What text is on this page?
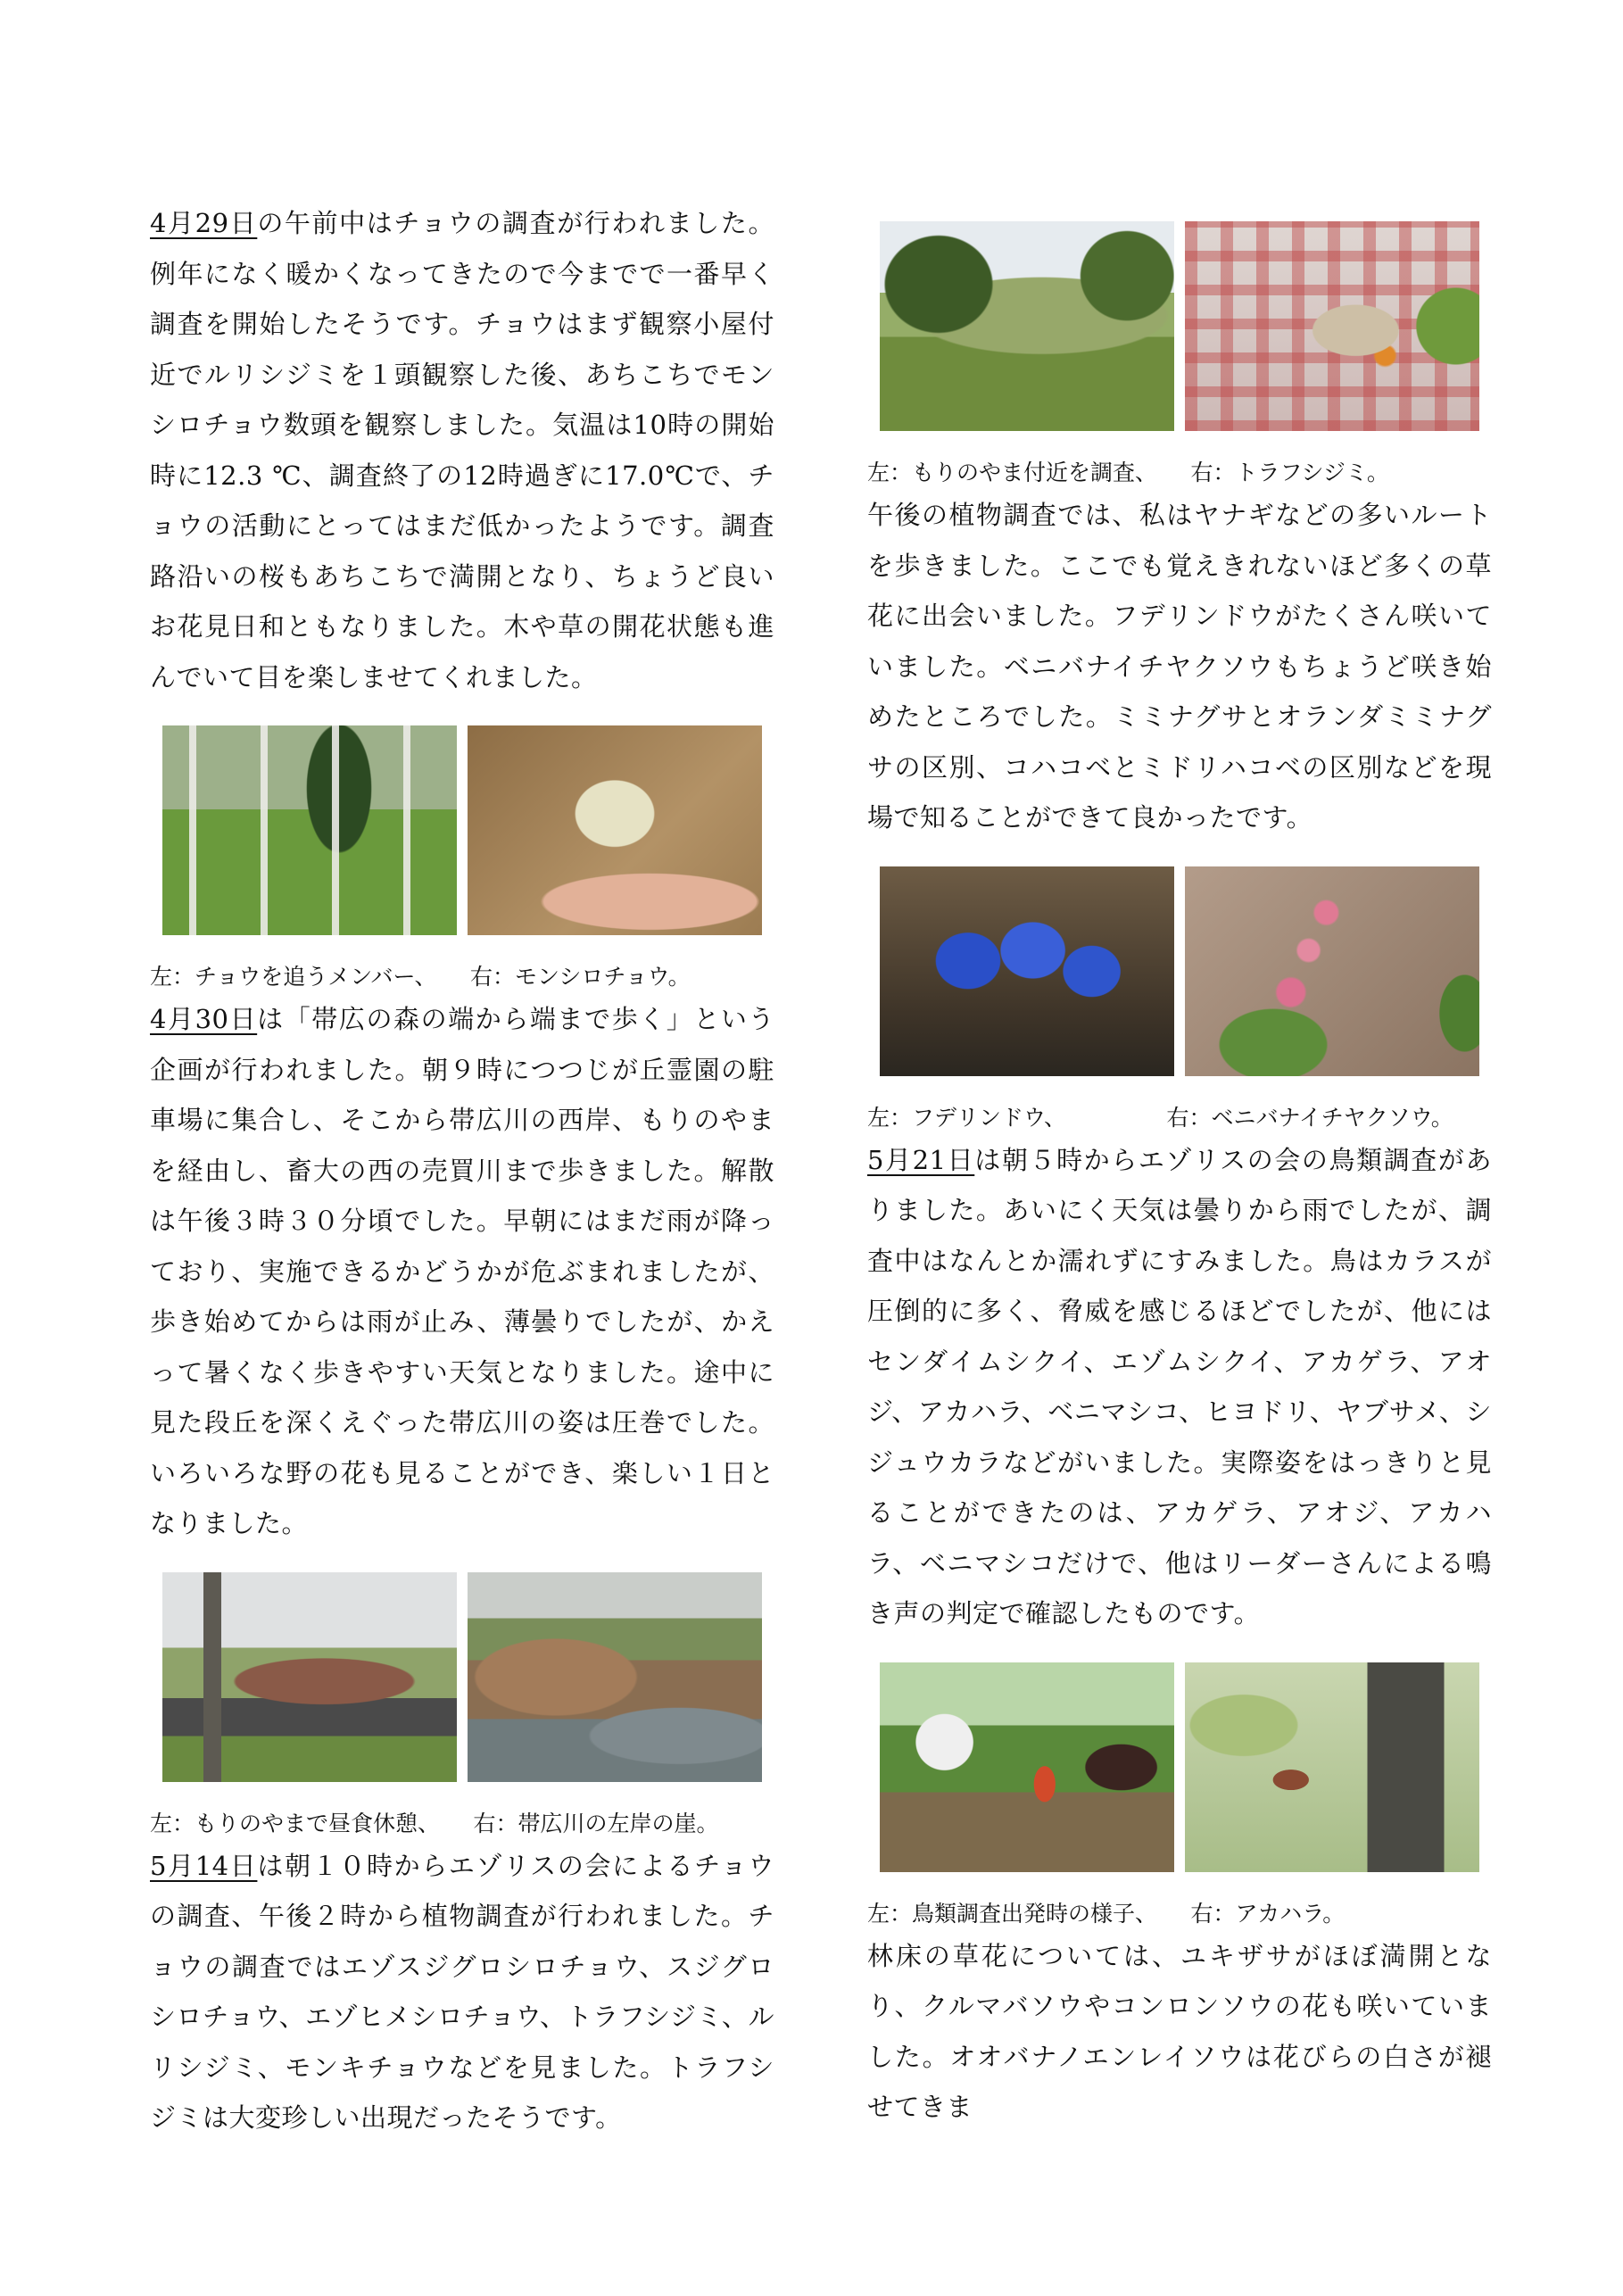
4月29日の午前中はチョウの調査が行われました。例年になく暖かくなってきたので今までで一番早く調査を開始したそうです。チョウはまず観察小屋付近でルリシジミを１頭観察した後、あちこちでモンシロチョウ数頭を観察しました。気温は10時の開始時に12.3 ℃、調査終了の12時過ぎに17.0℃で、チョウの活動にとってはまだ低かったようです。調査路沿いの桜もあちこちで満開となり、ちょうど良いお花見日和ともなりました。木や草の開花状態も進んでいて目を楽しませてくれました。

左：チョウを追うメンバー、　　右：モンシロチョウ。

4月30日は「帯広の森の端から端まで歩く」という企画が行われました。朝９時につつじが丘霊園の駐車場に集合し、そこから帯広川の西岸、もりのやまを経由し、畜大の西の売買川まで歩きました。解散は午後３時３０分頃でした。早朝にはまだ雨が降っており、実施できるかどうかが危ぶまれましたが、歩き始めてからは雨が止み、薄曇りでしたが、かえって暑くなく歩きやすい天気となりました。途中に見た段丘を深くえぐった帯広川の姿は圧巻でした。いろいろな野の花も見ることができ、楽しい１日となりました。

左：もりのやまで昼食休憩、　　右：帯広川の左岸の崖。

5月14日は朝１０時からエゾリスの会によるチョウの調査、午後２時から植物調査が行われました。チョウの調査ではエゾスジグロシロチョウ、スジグロシロチョウ、エゾヒメシロチョウ、トラフシジミ、ルリシジミ、モンキチョウなどを見ました。トラフシジミは大変珍しい出現だったそうです。

左：もりのやま付近を調査、　　右：トラフシジミ。

午後の植物調査では、私はヤナギなどの多いルートを歩きました。ここでも覚えきれないほど多くの草花に出会いました。フデリンドウがたくさん咲いていました。ベニバナイチヤクソウもちょうど咲き始めたところでした。ミミナグサとオランダミミナグサの区別、コハコベとミドリハコベの区別などを現場で知ることができて良かったです。

左：フデリンドウ、　　　　　右：ベニバナイチヤクソウ。

5月21日は朝５時からエゾリスの会の鳥類調査がありました。あいにく天気は曇りから雨でしたが、調査中はなんとか濡れずにすみました。鳥はカラスが圧倒的に多く、脅威を感じるほどでしたが、他にはセンダイムシクイ、エゾムシクイ、アカゲラ、アオジ、アカハラ、ベニマシコ、ヒヨドリ、ヤブサメ、シジュウカラなどがいました。実際姿をはっきりと見ることができたのは、アカゲラ、アオジ、アカハラ、ベニマシコだけで、他はリーダーさんによる鳴き声の判定で確認したものです。

左：鳥類調査出発時の様子、　　右：アカハラ。

林床の草花については、ユキザサがほぼ満開となり、クルマバソウやコンロンソウの花も咲いていました。オオバナノエンレイソウは花びらの白さが褪せてきま
